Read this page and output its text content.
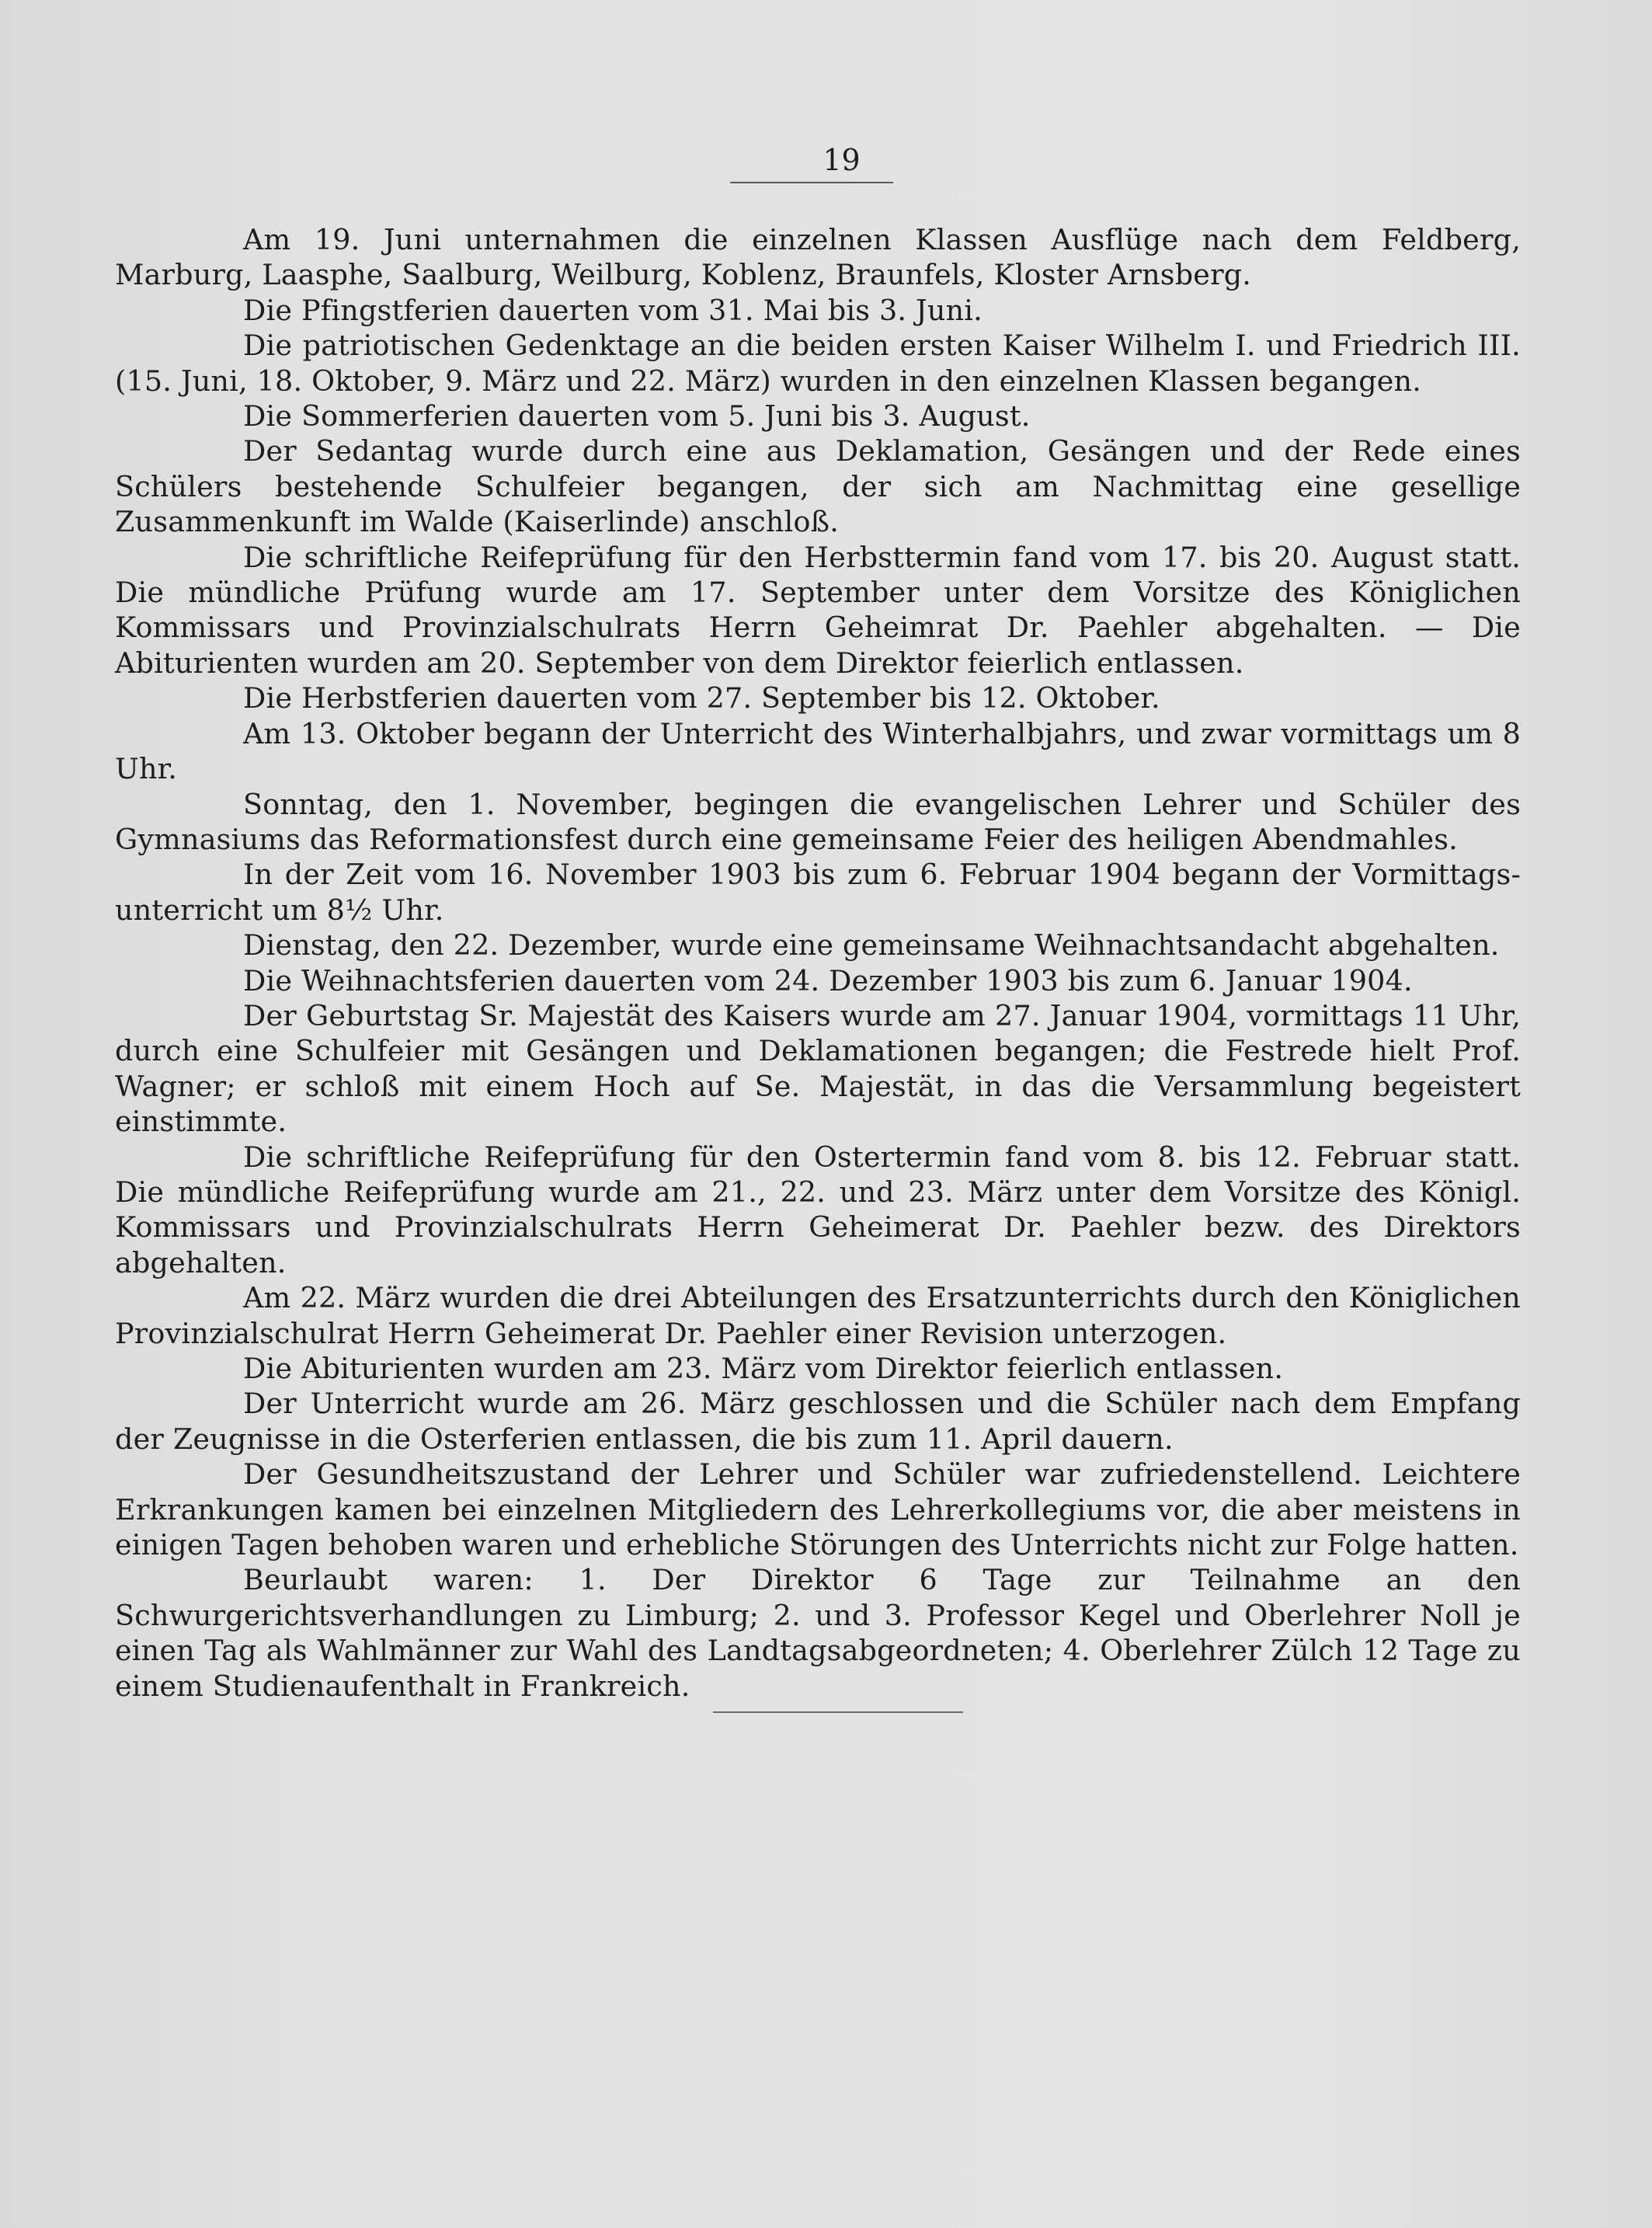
19

Am 19. Juni unternahmen die einzelnen Klassen Ausflüge nach dem Feldberg, Marburg, Laasphe, Saalburg, Weilburg, Koblenz, Braunfels, Kloster Arnsberg.

Die Pfingstferien dauerten vom 31. Mai bis 3. Juni.

Die patriotischen Gedenktage an die beiden ersten Kaiser Wilhelm I. und Friedrich III. (15. Juni, 18. Oktober, 9. März und 22. März) wurden in den einzelnen Klassen begangen.

Die Sommerferien dauerten vom 5. Juni bis 3. August.

Der Sedantag wurde durch eine aus Deklamation, Gesängen und der Rede eines Schülers bestehende Schulfeier begangen, der sich am Nachmittag eine gesellige Zusammenkunft im Walde (Kaiserlinde) anschloß.

Die schriftliche Reifeprüfung für den Herbsttermin fand vom 17. bis 20. August statt. Die mündliche Prüfung wurde am 17. September unter dem Vorsitze des Königlichen Kommissars und Provinzialschulrats Herrn Geheimrat Dr. Paehler abgehalten. — Die Abiturienten wurden am 20. September von dem Direktor feierlich entlassen.

Die Herbstferien dauerten vom 27. September bis 12. Oktober.

Am 13. Oktober begann der Unterricht des Winterhalbjahrs, und zwar vormittags um 8 Uhr.

Sonntag, den 1. November, begingen die evangelischen Lehrer und Schüler des Gymnasiums das Reformationsfest durch eine gemeinsame Feier des heiligen Abendmahles.

In der Zeit vom 16. November 1903 bis zum 6. Februar 1904 begann der Vormittags-unterricht um 8½ Uhr.

Dienstag, den 22. Dezember, wurde eine gemeinsame Weihnachtsandacht abgehalten.

Die Weihnachtsferien dauerten vom 24. Dezember 1903 bis zum 6. Januar 1904.

Der Geburtstag Sr. Majestät des Kaisers wurde am 27. Januar 1904, vormittags 11 Uhr, durch eine Schulfeier mit Gesängen und Deklamationen begangen; die Festrede hielt Prof. Wagner; er schloß mit einem Hoch auf Se. Majestät, in das die Versammlung begeistert einstimmte.

Die schriftliche Reifeprüfung für den Ostertermin fand vom 8. bis 12. Februar statt. Die mündliche Reifeprüfung wurde am 21., 22. und 23. März unter dem Vorsitze des Königl. Kommissars und Provinzialschulrats Herrn Geheimerat Dr. Paehler bezw. des Direktors abgehalten.

Am 22. März wurden die drei Abteilungen des Ersatzunterrichts durch den Königlichen Provinzialschulrat Herrn Geheimerat Dr. Paehler einer Revision unterzogen.

Die Abiturienten wurden am 23. März vom Direktor feierlich entlassen.

Der Unterricht wurde am 26. März geschlossen und die Schüler nach dem Empfang der Zeugnisse in die Osterferien entlassen, die bis zum 11. April dauern.

Der Gesundheitszustand der Lehrer und Schüler war zufriedenstellend. Leichtere Erkrankungen kamen bei einzelnen Mitgliedern des Lehrerkollegiums vor, die aber meistens in einigen Tagen behoben waren und erhebliche Störungen des Unterrichts nicht zur Folge hatten.

Beurlaubt waren: 1. Der Direktor 6 Tage zur Teilnahme an den Schwurgerichtsverhandlungen zu Limburg; 2. und 3. Professor Kegel und Oberlehrer Noll je einen Tag als Wahlmänner zur Wahl des Landtagsabgeordneten; 4. Oberlehrer Zülch 12 Tage zu einem Studienaufenthalt in Frankreich.
